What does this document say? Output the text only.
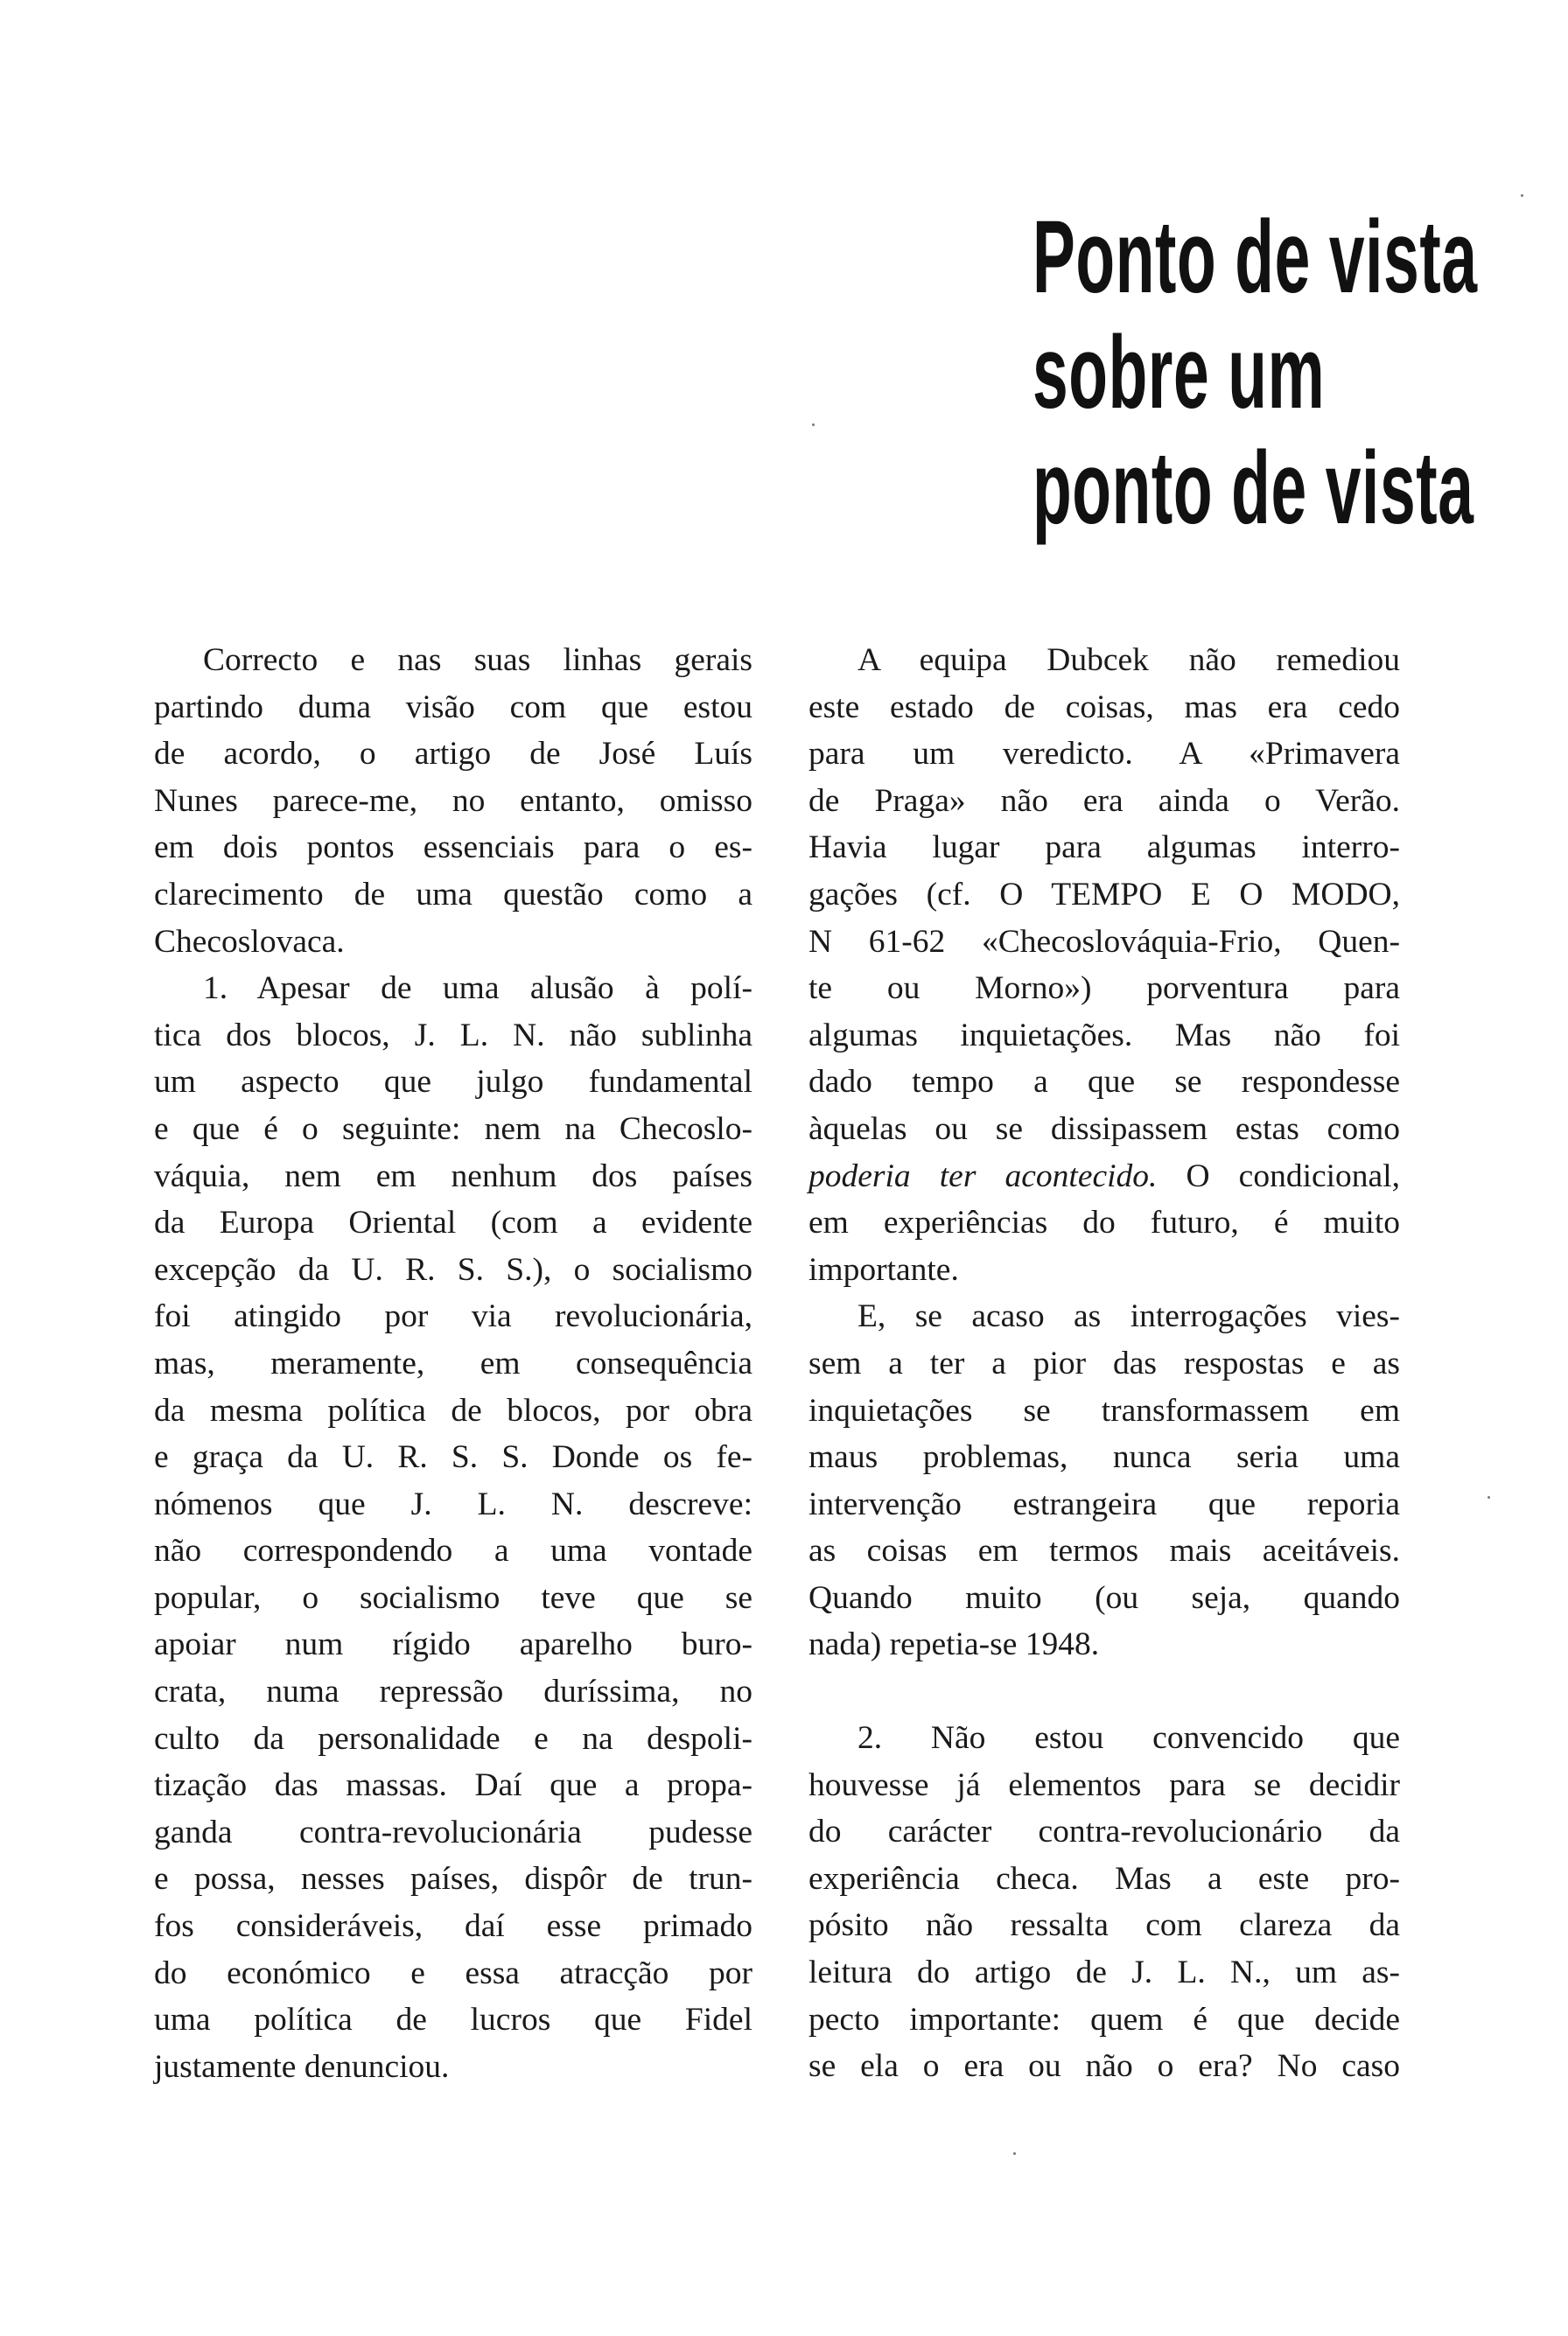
Ponto de vista
sobre um
ponto de vista
Correcto e nas suas linhas gerais
partindo duma visão com que estou
de acordo, o artigo de José Luís
Nunes parece-me, no entanto, omisso
em dois pontos essenciais para o es-
clarecimento de uma questão como a
Checoslovaca.
1. Apesar de uma alusão à polí-
tica dos blocos, J. L. N. não sublinha
um aspecto que julgo fundamental
e que é o seguinte: nem na Checoslo-
váquia, nem em nenhum dos países
da Europa Oriental (com a evidente
excepção da U. R. S. S.), o socialismo
foi atingido por via revolucionária,
mas, meramente, em consequência
da mesma política de blocos, por obra
e graça da U. R. S. S. Donde os fe-
nómenos que J. L. N. descreve:
não correspondendo a uma vontade
popular, o socialismo teve que se
apoiar num rígido aparelho buro-
crata, numa repressão duríssima, no
culto da personalidade e na despoli-
tização das massas. Daí que a propa-
ganda contra-revolucionária pudesse
e possa, nesses países, dispôr de trun-
fos consideráveis, daí esse primado
do económico e essa atracção por
uma política de lucros que Fidel
justamente denunciou.
A equipa Dubcek não remediou
este estado de coisas, mas era cedo
para um veredicto. A «Primavera
de Praga» não era ainda o Verão.
Havia lugar para algumas interro-
gações (cf. O TEMPO E O MODO,
N 61-62 «Checoslováquia-Frio, Quen-
te ou Morno») porventura para
algumas inquietações. Mas não foi
dado tempo a que se respondesse
àquelas ou se dissipassem estas como
poderia ter acontecido. O condicional,
em experiências do futuro, é muito
importante.
E, se acaso as interrogações vies-
sem a ter a pior das respostas e as
inquietações se transformassem em
maus problemas, nunca seria uma
intervenção estrangeira que reporia
as coisas em termos mais aceitáveis.
Quando muito (ou seja, quando
nada) repetia-se 1948.
2. Não estou convencido que
houvesse já elementos para se decidir
do carácter contra-revolucionário da
experiência checa. Mas a este pro-
pósito não ressalta com clareza da
leitura do artigo de J. L. N., um as-
pecto importante: quem é que decide
se ela o era ou não o era? No caso
